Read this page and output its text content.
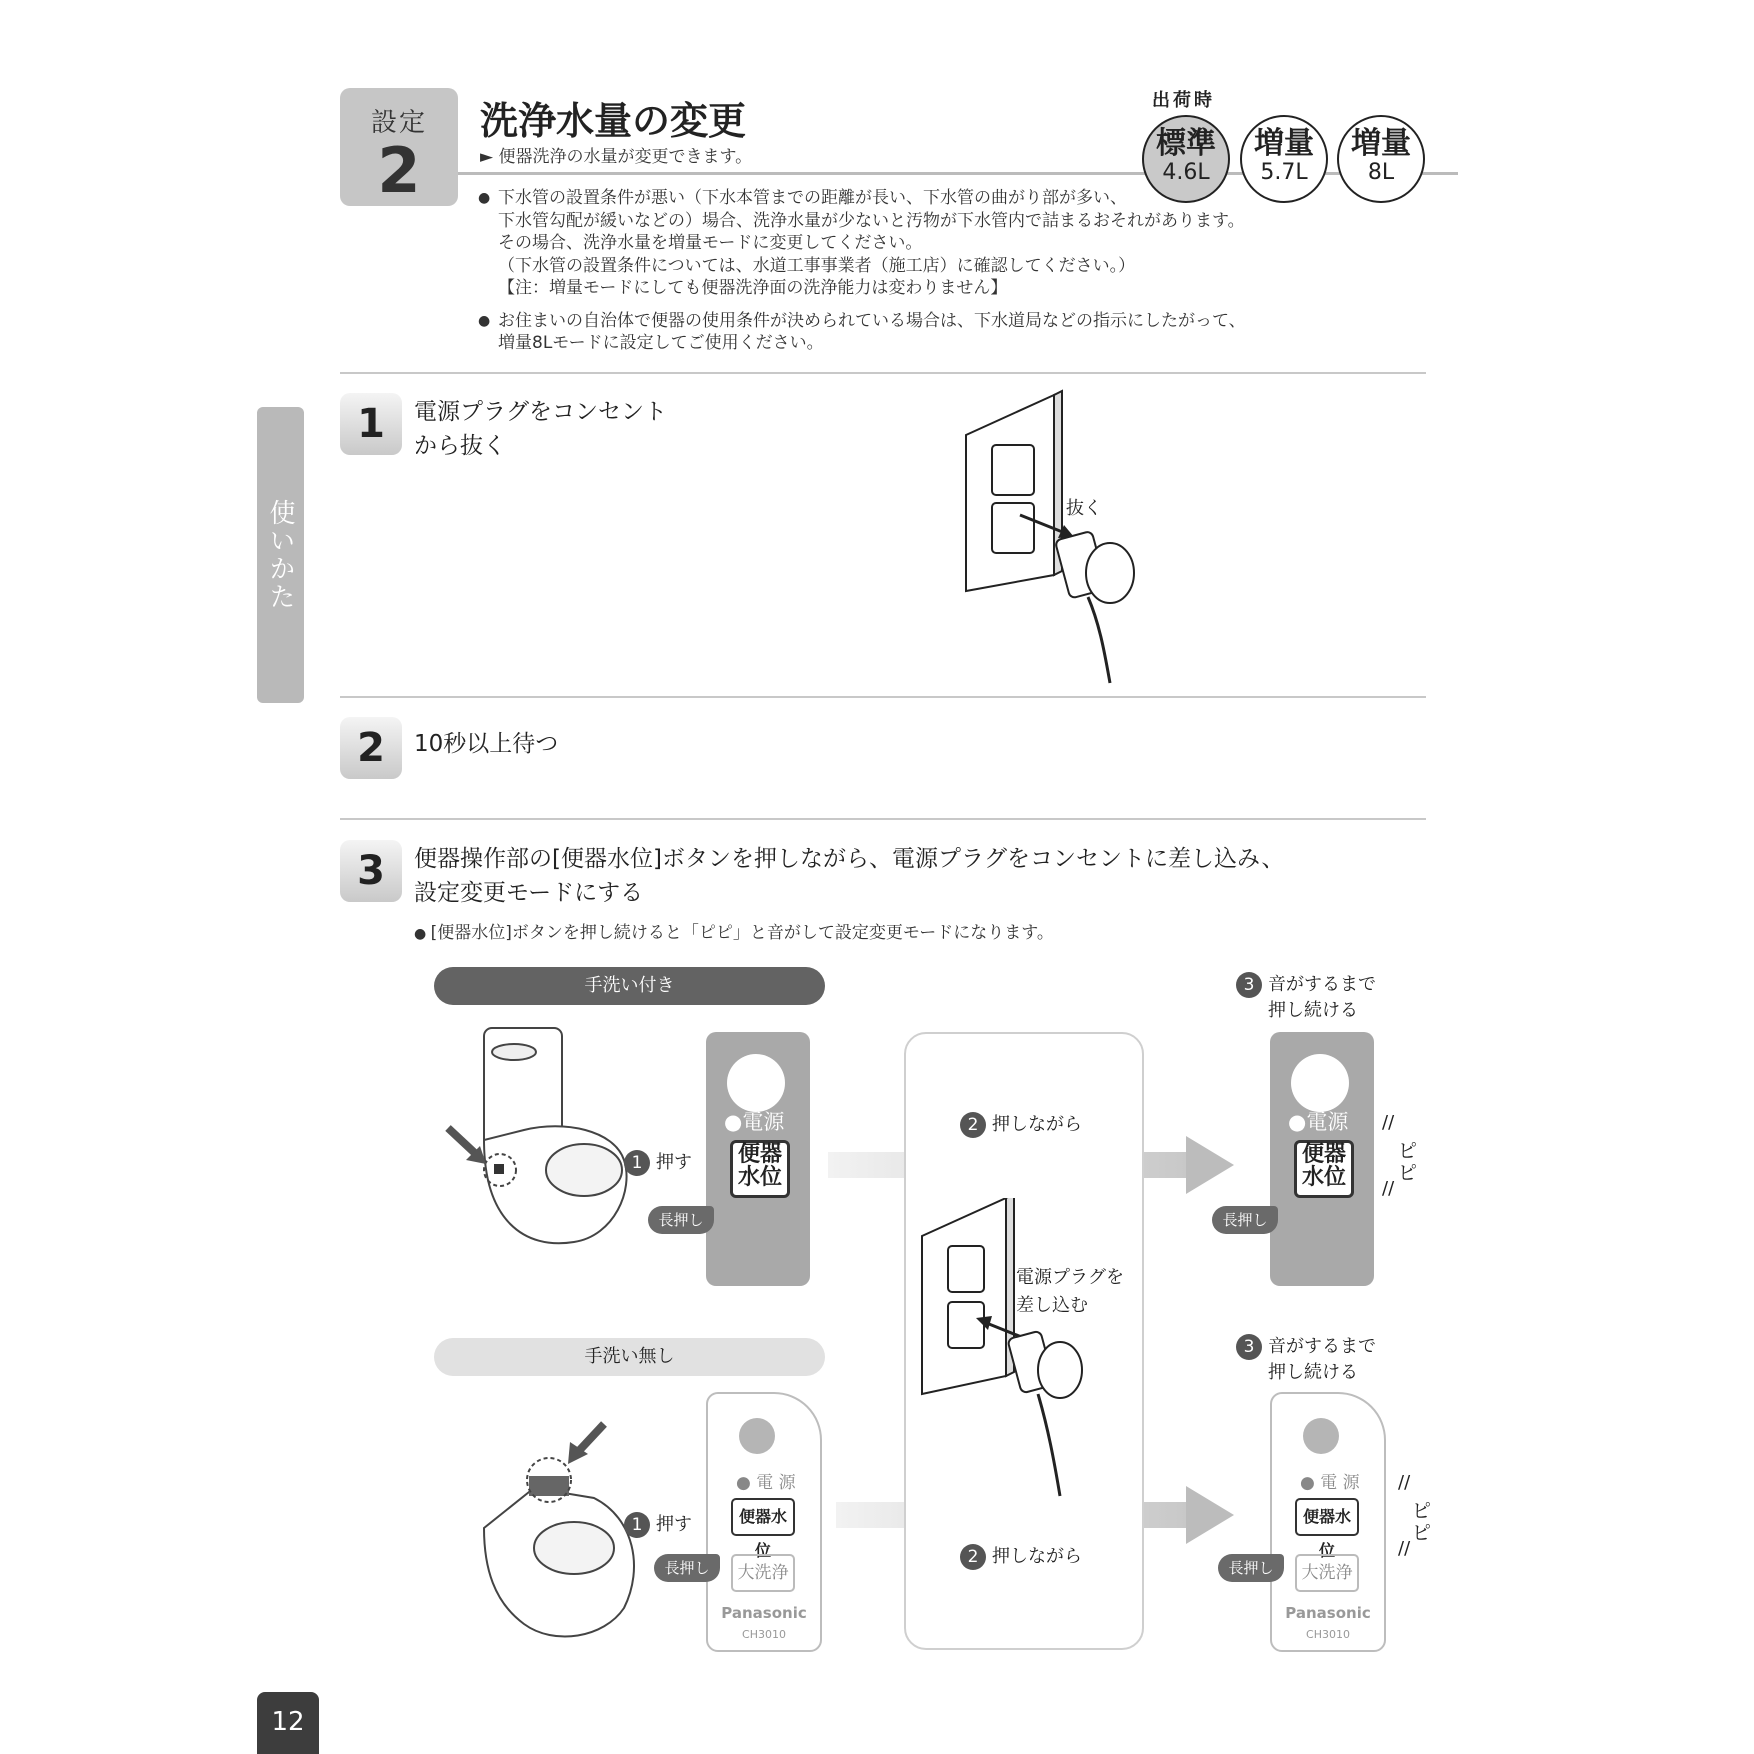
設定
2
洗浄水量の変更
► 便器洗浄の水量が変更できます。
出荷時
標準
4.6L
増量
5.7L
増量
8L

● 下水管の設置条件が悪い（下水本管までの距離が長い、下水管の曲がり部が多い、

下水管勾配が緩いなどの）場合、洗浄水量が少ないと汚物が下水管内で詰まるおそれがあります。

その場合、洗浄水量を増量モードに変更してください。

（下水管の設置条件については、水道工事事業者（施工店）に確認してください。）

【注：増量モードにしても便器洗浄面の洗浄能力は変わりません】

● お住まいの自治体で便器の使用条件が決められている場合は、下水道局などの指示にしたがって、

増量8Lモードに設定してご使用ください。

使いかた
12
1	電源プラグをコンセント
から抜く
抜く
2	10秒以上待つ
3	便器操作部の[便器水位]ボタンを押しながら、電源プラグをコンセントに差し込み、
設定変更モードにする
● [便器水位]ボタンを押し続けると「ピピ」と音がして設定変更モードになります。
手洗い付き
手洗い無し
1 押す
1 押す
●電源
便器
水位
長押し
●電源
便器
水位
長押し
● 電 源
便器水位
大洗浄
Panasonic
CH3010
長押し
● 電 源
便器水位
大洗浄
Panasonic
CH3010
長押し
2 押しながら
2 押しながら
電源プラグを
差し込む
3 音がするまで
押し続ける
3 音がするまで
押し続ける
//
ピピ
//
//
ピピ
//
